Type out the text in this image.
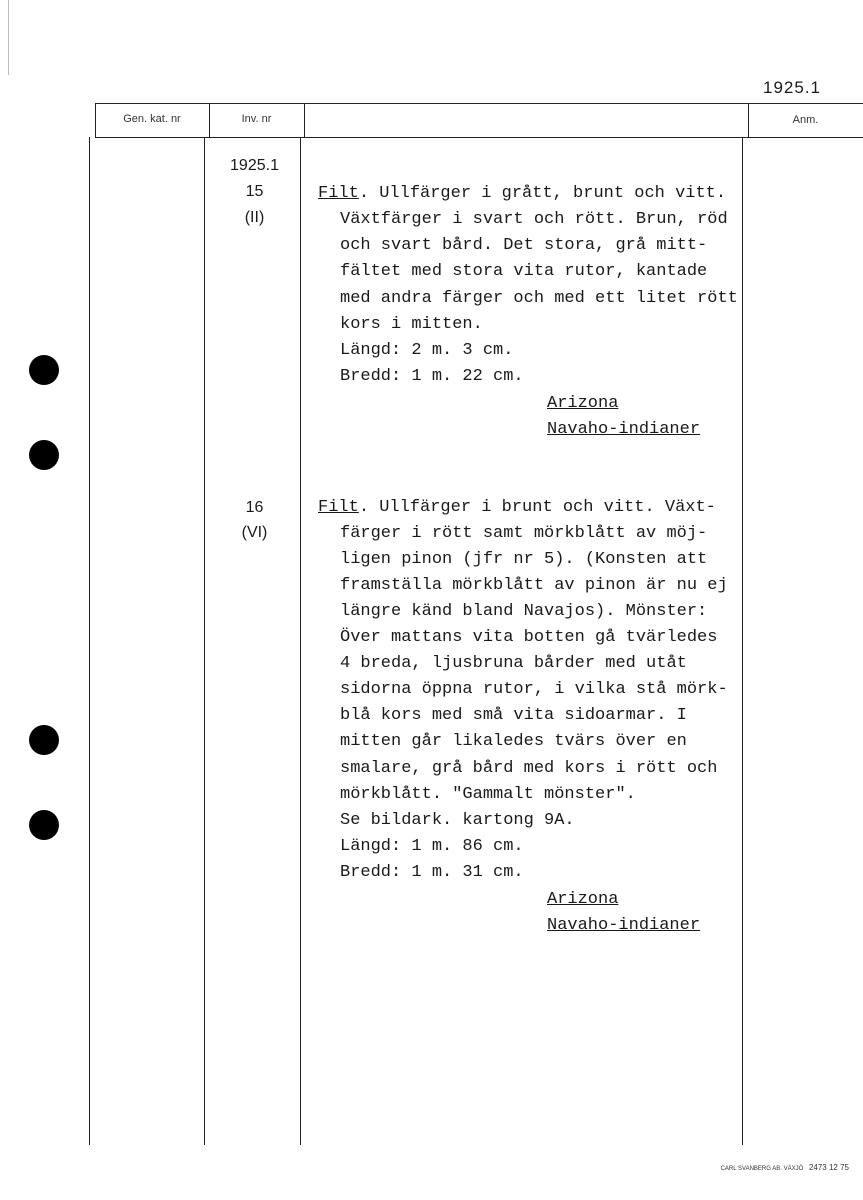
1925.1
Gen. kat. nr	Inv. nr	Anm.
1925.1
15
(II)
Filt. Ullfärger i grått, brunt och vitt.
Växtfärger i svart och rött. Brun, röd
och svart bård. Det stora, grå mitt-
fältet med stora vita rutor, kantade
med andra färger och med ett litet rött
kors i mitten.
Längd: 2 m. 3 cm.
Bredd: 1 m. 22 cm.
Arizona
Navaho-indianer
16
(VI)
Filt. Ullfärger i brunt och vitt. Växt-
färger i rött samt mörkblått av möj-
ligen pinon (jfr nr 5). (Konsten att
framställa mörkblått av pinon är nu ej
längre känd bland Navajos). Mönster:
Över mattans vita botten gå tvärledes
4 breda, ljusbruna bårder med utåt
sidorna öppna rutor, i vilka stå mörk-
blå kors med små vita sidoarmar. I
mitten går likaledes tvärs över en
smalare, grå bård med kors i rött och
mörkblått. "Gammalt mönster".
Se bildark. kartong 9A.
Längd: 1 m. 86 cm.
Bredd: 1 m. 31 cm.
Arizona
Navaho-indianer
CARL SVANBERG AB. VÄXJÖ 2473 12 75
